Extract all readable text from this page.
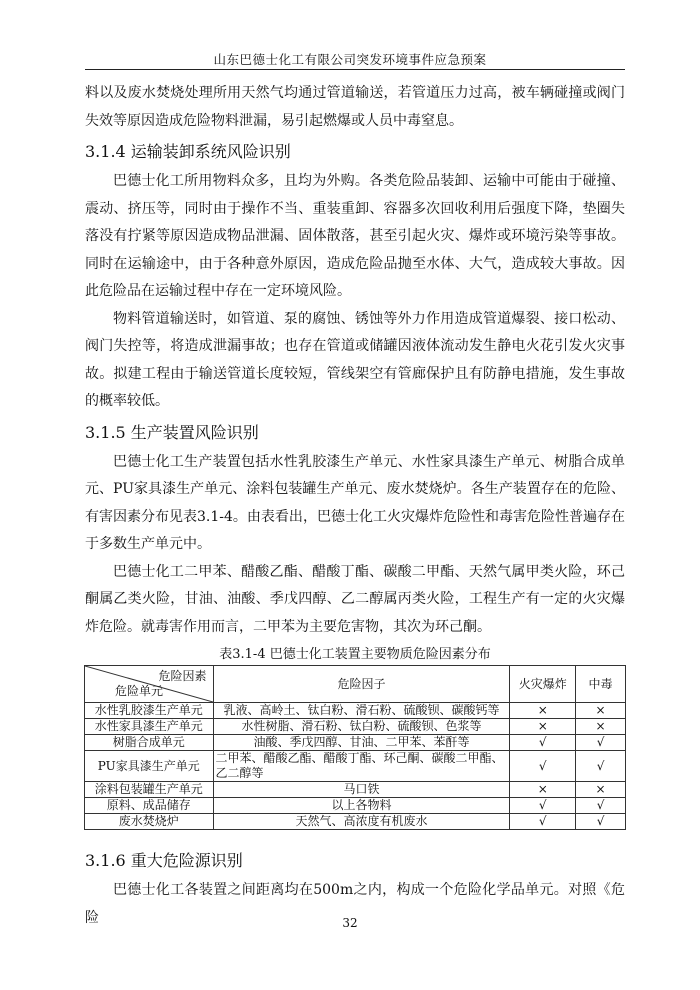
山东巴德士化工有限公司突发环境事件应急预案

料以及废水焚烧处理所用天然气均通过管道输送，若管道压力过高，被车辆碰撞或阀门失效等原因造成危险物料泄漏，易引起燃爆或人员中毒窒息。

3.1.4 运输装卸系统风险识别

巴德士化工所用物料众多，且均为外购。各类危险品装卸、运输中可能由于碰撞、震动、挤压等，同时由于操作不当、重装重卸、容器多次回收利用后强度下降，垫圈失落没有拧紧等原因造成物品泄漏、固体散落，甚至引起火灾、爆炸或环境污染等事故。同时在运输途中，由于各种意外原因，造成危险品抛至水体、大气，造成较大事故。因此危险品在运输过程中存在一定环境风险。

物料管道输送时，如管道、泵的腐蚀、锈蚀等外力作用造成管道爆裂、接口松动、阀门失控等，将造成泄漏事故；也存在管道或储罐因液体流动发生静电火花引发火灾事故。拟建工程由于输送管道长度较短，管线架空有管廊保护且有防静电措施，发生事故的概率较低。

3.1.5 生产装置风险识别

巴德士化工生产装置包括水性乳胶漆生产单元、水性家具漆生产单元、树脂合成单元、PU家具漆生产单元、涂料包装罐生产单元、废水焚烧炉。各生产装置存在的危险、有害因素分布见表3.1-4。由表看出，巴德士化工火灾爆炸危险性和毒害危险性普遍存在于多数生产单元中。

巴德士化工二甲苯、醋酸乙酯、醋酸丁酯、碳酸二甲酯、天然气属甲类火险，环己酮属乙类火险，甘油、油酸、季戊四醇、乙二醇属丙类火险，工程生产有一定的火灾爆炸危险。就毒害作用而言，二甲苯为主要危害物，其次为环己酮。

表3.1-4 巴德士化工装置主要物质危险因素分布
危险因素
危险单元	危险因子	火灾爆炸	中毒
水性乳胶漆生产单元	乳液、高岭土、钛白粉、滑石粉、硫酸钡、碳酸钙等	×	×
水性家具漆生产单元	水性树脂、滑石粉、钛白粉、硫酸钡、色浆等	×	×
树脂合成单元	油酸、季戊四醇、甘油、二甲苯、苯酐等	√	√
PU家具漆生产单元	二甲苯、醋酸乙酯、醋酸丁酯、环己酮、碳酸二甲酯、乙二醇等	√	√
涂料包装罐生产单元	马口铁	×	×
原料、成品储存	以上各物料	√	√
废水焚烧炉	天然气、高浓度有机废水	√	√
3.1.6 重大危险源识别

巴德士化工各装置之间距离均在500m之内，构成一个危险化学品单元。对照《危险	32
